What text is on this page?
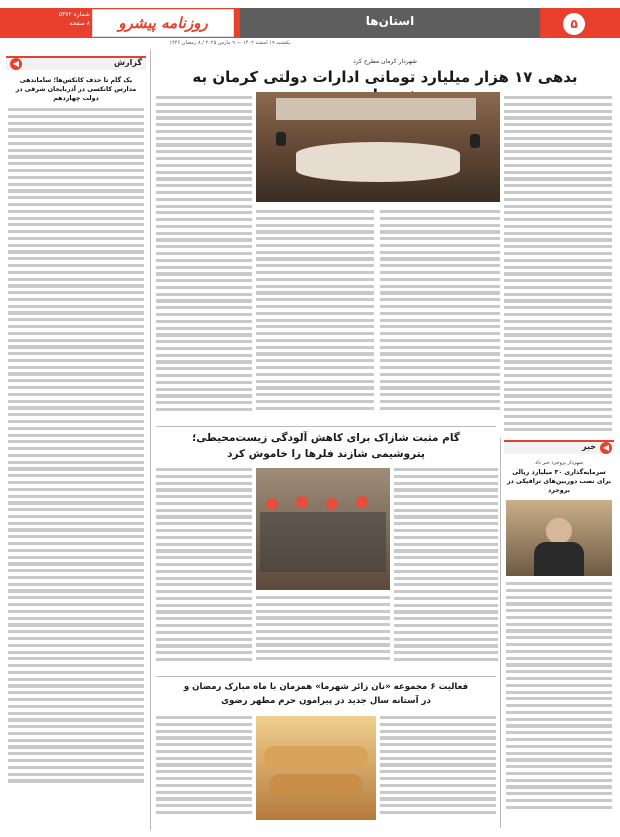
استان‌ها	۵
روزنامه پیشرو
شماره ۵۳۷۲
۸ صفحه
یکشنبه ۱۹ اسفند ۱۴۰۲ — ۹ مارس ۲۰۲۵ / ۸ رمضان ۱۴۴۶
◀	گزارش
یک گام تا حذف کانکس‌ها؛ ساماندهی مدارس کانکسی در آذربایجان شرقی در دولت چهاردهم
شهردار کرمان مطرح کرد
بدهی ۱۷ هزار میلیارد تومانی ادارات دولتی کرمان به
◀
خبر
شهردار بروجرد خبر داد
سرمایه‌گذاری ۳۰ میلیارد ریالی برای نصب دوربین‌های ترافیکی در بروجرد
گام مثبت شازاک برای کاهش آلودگی زیست‌محیطی؛
پتروشیمی شازند فلرها را خاموش کرد
فعالیت ۶ مجموعه «نان زائر شهرما» همزمان با ماه مبارک رمضان و
در آستانه سال جدید در پیرامون حرم مطهر رضوی
